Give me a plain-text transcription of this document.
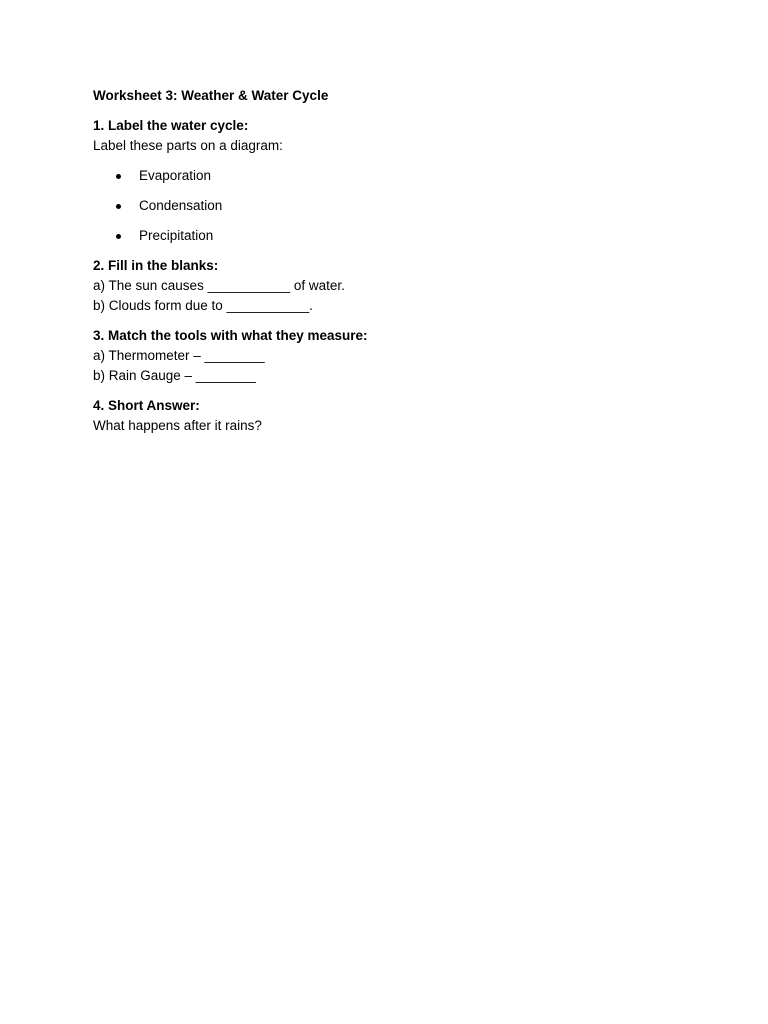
Worksheet 3: Weather & Water Cycle
1. Label the water cycle:
Label these parts on a diagram:
Evaporation
Condensation
Precipitation
2. Fill in the blanks:
a) The sun causes ___________ of water.
b) Clouds form due to ___________.
3. Match the tools with what they measure:
a) Thermometer – ________
b) Rain Gauge – ________
4. Short Answer:
What happens after it rains?
